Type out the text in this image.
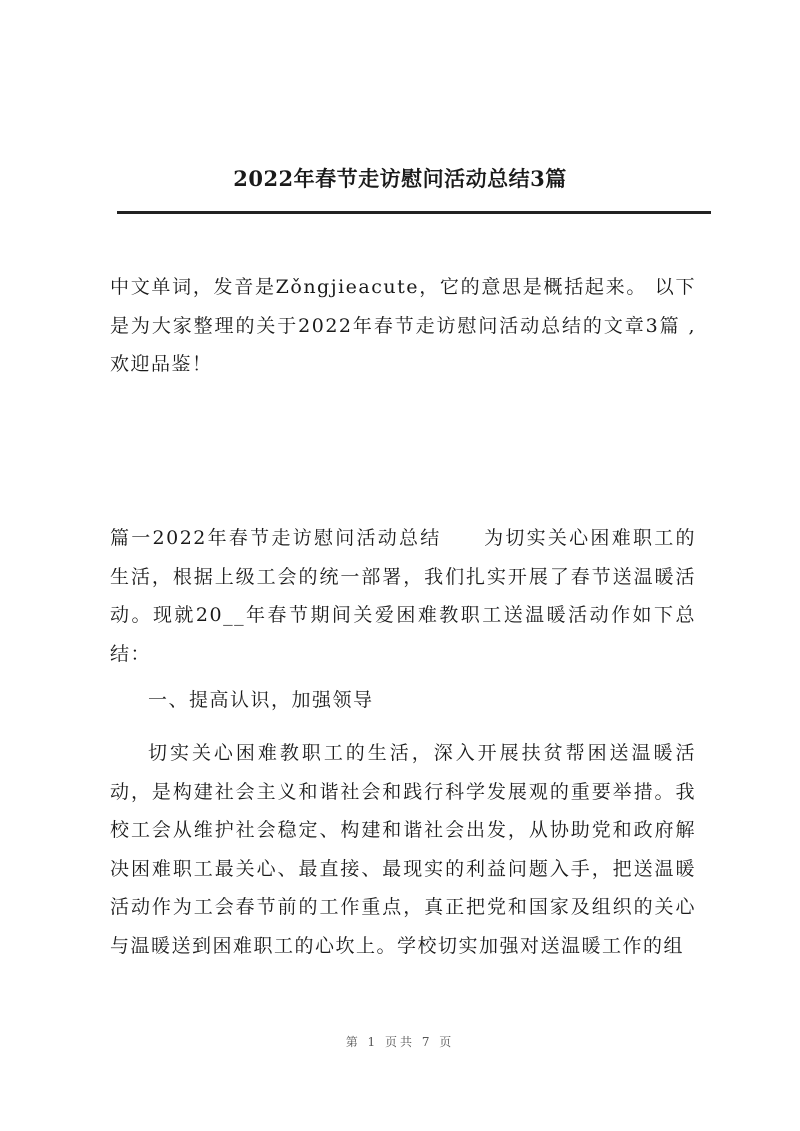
2022年春节走访慰问活动总结3篇

中文单词，发音是Zǒngjieacute，它的意思是概括起来。 以下是为大家整理的关于2022年春节走访慰问活动总结的文章3篇 ,欢迎品鉴！

篇一2022年春节走访慰问活动总结　　为切实关心困难职工的生活，根据上级工会的统一部署，我们扎实开展了春节送温暖活动。现就20__年春节期间关爱困难教职工送温暖活动作如下总结：

一、提高认识，加强领导

切实关心困难教职工的生活，深入开展扶贫帮困送温暖活动，是构建社会主义和谐社会和践行科学发展观的重要举措。我校工会从维护社会稳定、构建和谐社会出发，从协助党和政府解决困难职工最关心、最直接、最现实的利益问题入手，把送温暖活动作为工会春节前的工作重点，真正把党和国家及组织的关心与温暖送到困难职工的心坎上。学校切实加强对送温暖工作的组

第 1 页共 7 页
